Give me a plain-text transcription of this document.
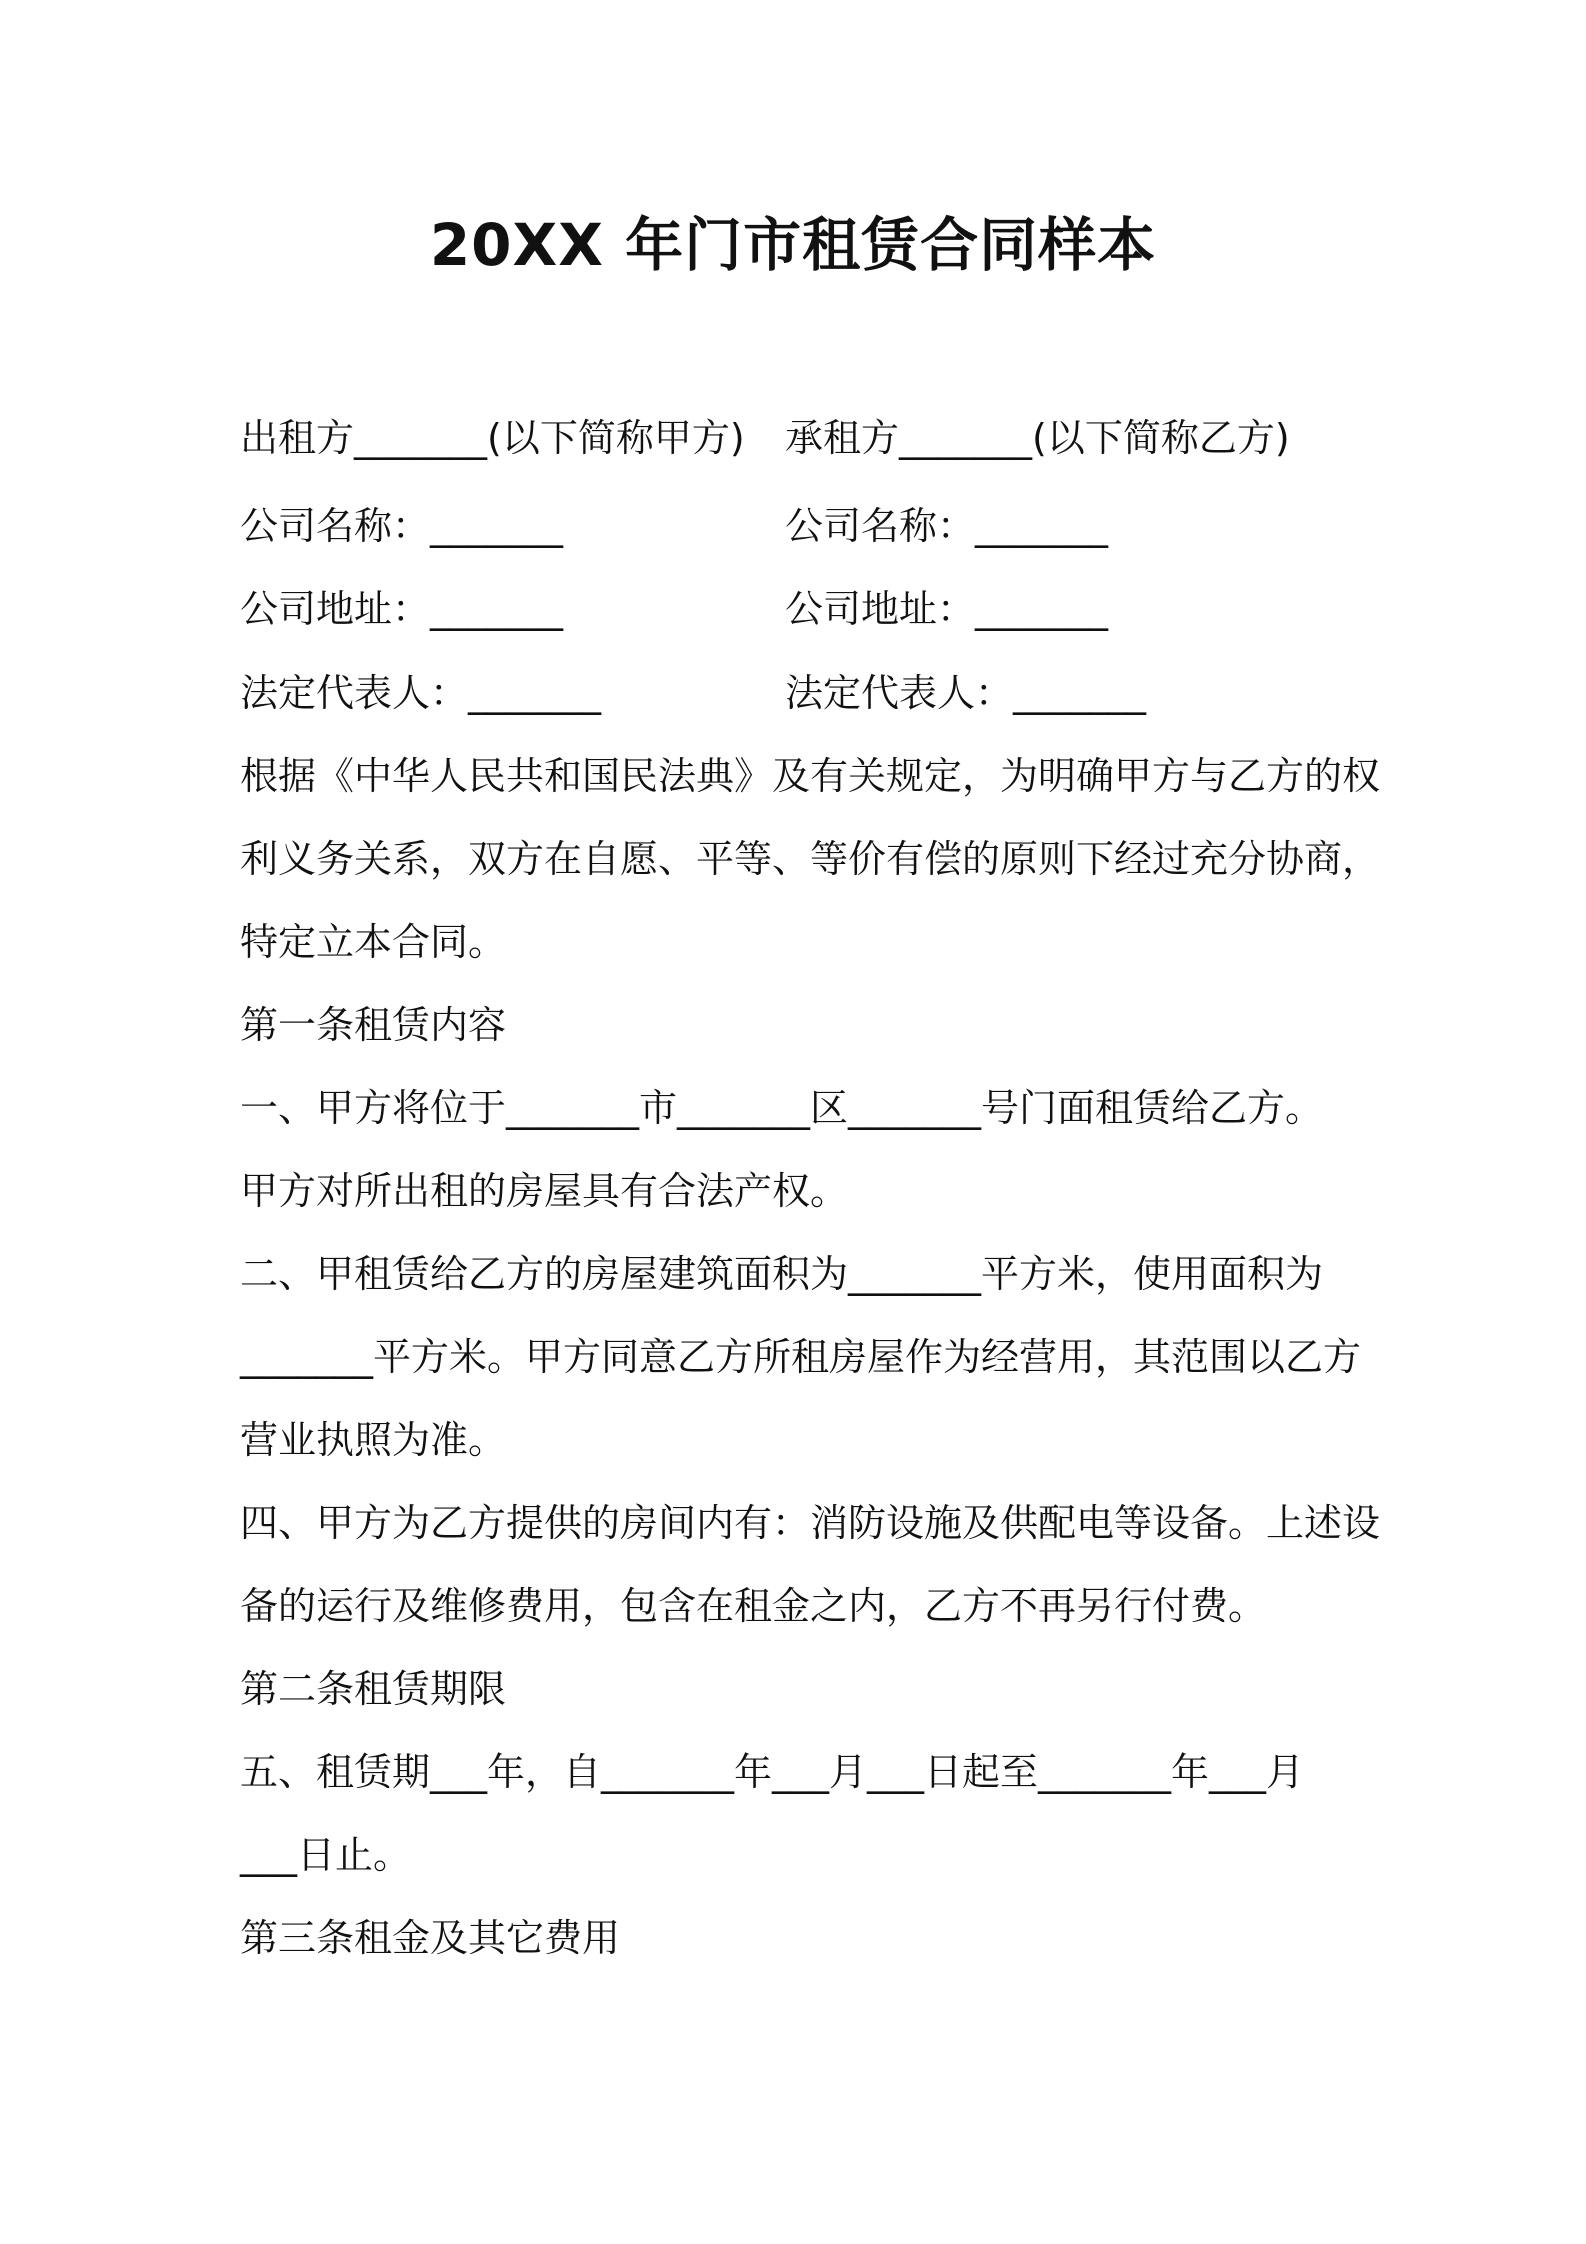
20XX 年门市租赁合同样本
出租方_______(以下简称甲方) 承租方_______(以下简称乙方)
公司名称：_______	公司名称：_______
公司地址：_______	公司地址：_______
法定代表人：_______	法定代表人：_______
根据《中华人民共和国民法典》及有关规定，为明确甲方与乙方的权
利义务关系，双方在自愿、平等、等价有偿的原则下经过充分协商，
特定立本合同。
第一条租赁内容
一、甲方将位于_______市_______区_______号门面租赁给乙方。
甲方对所出租的房屋具有合法产权。
二、甲租赁给乙方的房屋建筑面积为_______平方米，使用面积为
_______平方米。甲方同意乙方所租房屋作为经营用，其范围以乙方
营业执照为准。
四、甲方为乙方提供的房间内有：消防设施及供配电等设备。上述设
备的运行及维修费用，包含在租金之内，乙方不再另行付费。
第二条租赁期限
五、租赁期___年，自_______年___月___日起至_______年___月
___日止。
第三条租金及其它费用
